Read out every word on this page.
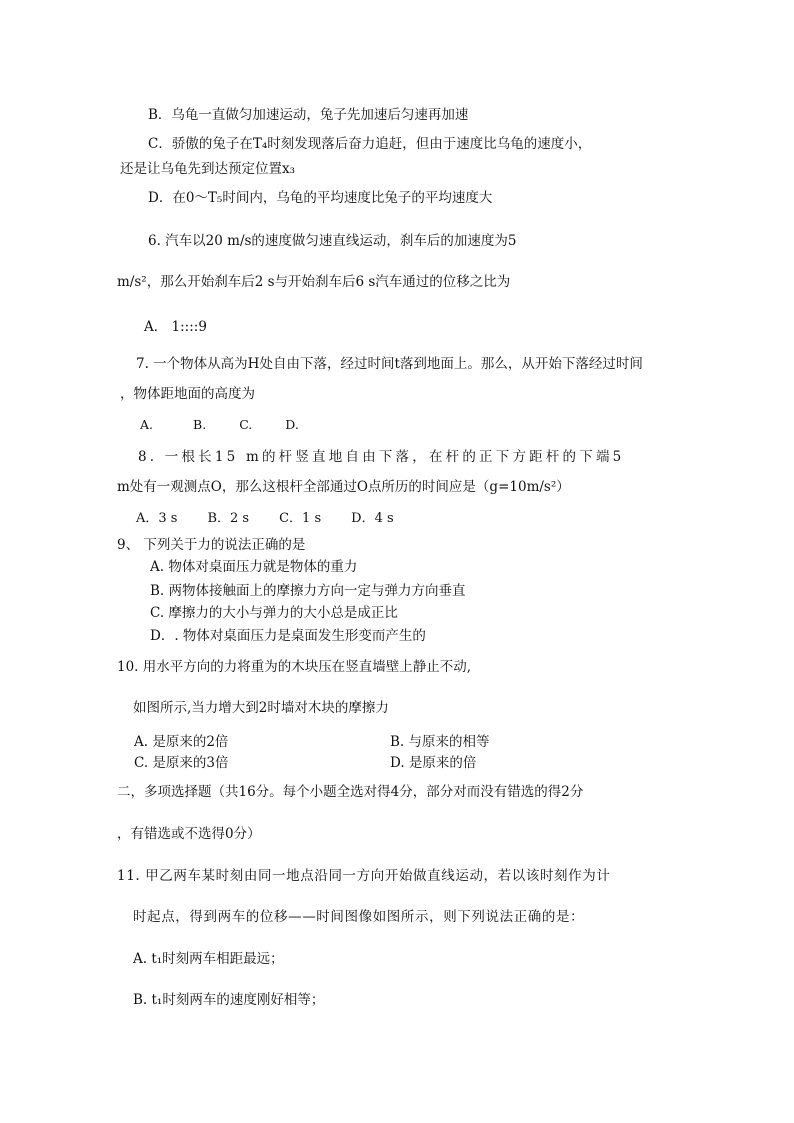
B．乌龟一直做匀加速运动，兔子先加速后匀速再加速
C．骄傲的兔子在T₄时刻发现落后奋力追赶，但由于速度比乌龟的速度小，
还是让乌龟先到达预定位置x₃
D．在0～T₅时间内，乌龟的平均速度比兔子的平均速度大
6. 汽车以20 m/s的速度做匀速直线运动，刹车后的加速度为5
m/s²，那么开始刹车后2 s与开始刹车后6 s汽车通过的位移之比为
A． 1::::9
7. 一个物体从高为H处自由下落，经过时间t落到地面上。那么，从开始下落经过时间
，物体距地面的高度为
A.	B.	C.	D.
8. 一根长15 m的杆竖直地自由下落，在杆的正下方距杆的下端5
m处有一观测点O，那么这根杆全部通过O点所历的时间应是（g=10m/s²）
A．3 s B．2 s C．1 s D．4 s
9、 下列关于力的说法正确的是
A. 物体对桌面压力就是物体的重力
B. 两物体接触面上的摩擦力方向一定与弹力方向垂直
C. 摩擦力的大小与弹力的大小总是成正比
D．. 物体对桌面压力是桌面发生形变而产生的
10. 用水平方向的力将重为的木块压在竖直墙壁上静止不动,
如图所示,当力增大到2时墙对木块的摩擦力
A. 是原来的2倍	B. 与原来的相等
C. 是原来的3倍	D. 是原来的倍
二，多项选择题（共16分。每个小题全选对得4分，部分对而没有错选的得2分
，有错选或不选得0分）
11. 甲乙两车某时刻由同一地点沿同一方向开始做直线运动，若以该时刻作为计
时起点，得到两车的位移——时间图像如图所示，则下列说法正确的是：
A. t₁时刻两车相距最远；
B. t₁时刻两车的速度刚好相等；
